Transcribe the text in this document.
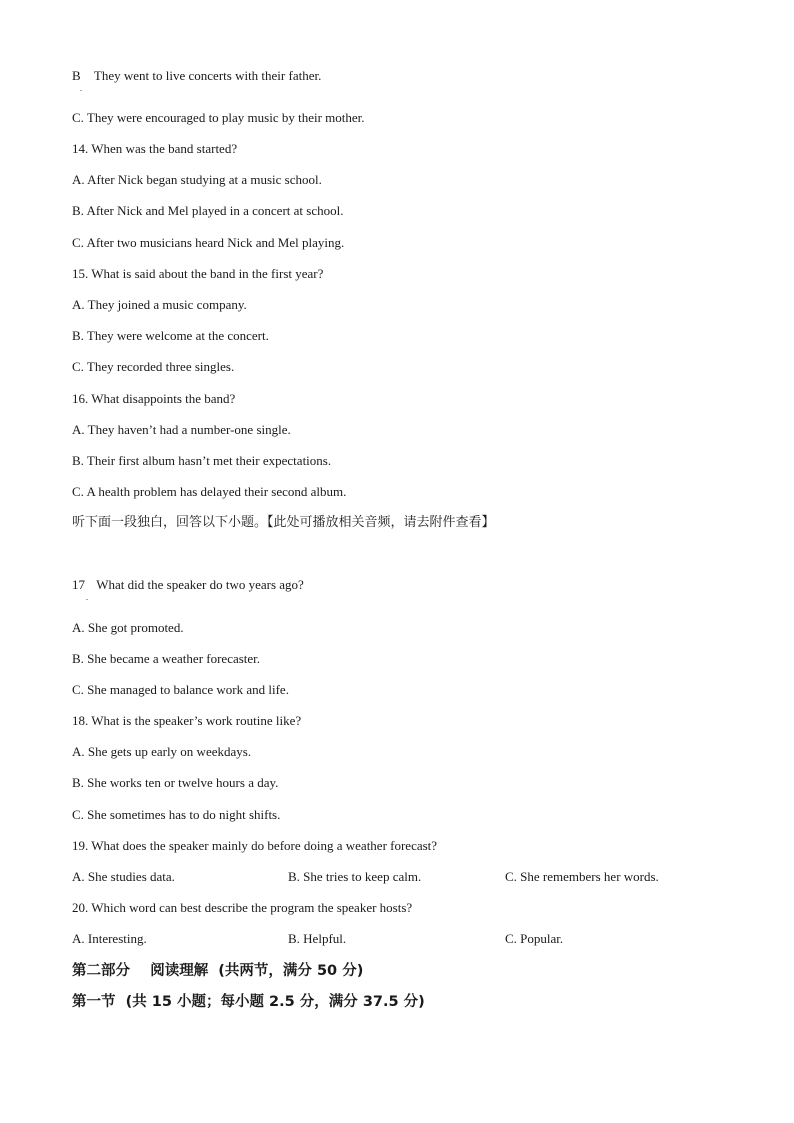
B They went to live concerts with their father.
.
C. They were encouraged to play music by their mother.
14. When was the band started?
A. After Nick began studying at a music school.
B. After Nick and Mel played in a concert at school.
C. After two musicians heard Nick and Mel playing.
15. What is said about the band in the first year?
A. They joined a music company.
B. They were welcome at the concert.
C. They recorded three singles.
16. What disappoints the band?
A. They haven’t had a number-one single.
B. Their first album hasn’t met their expectations.
C. A health problem has delayed their second album.
听下面一段独白，回答以下小题。【此处可播放相关音频，请去附件查看】
17 What did the speaker do two years ago?
.
A. She got promoted.
B. She became a weather forecaster.
C. She managed to balance work and life.
18. What is the speaker’s work routine like?
A. She gets up early on weekdays.
B. She works ten or twelve hours a day.
C. She sometimes has to do night shifts.
19. What does the speaker mainly do before doing a weather forecast?
A. She studies data.	B. She tries to keep calm.	C. She remembers her words.
20. Which word can best describe the program the speaker hosts?
A. Interesting.	B. Helpful.	C. Popular.
第二部分    阅读理解  (共两节，满分 50 分)
第一节  (共 15 小题；每小题 2.5 分，满分 37.5 分)
